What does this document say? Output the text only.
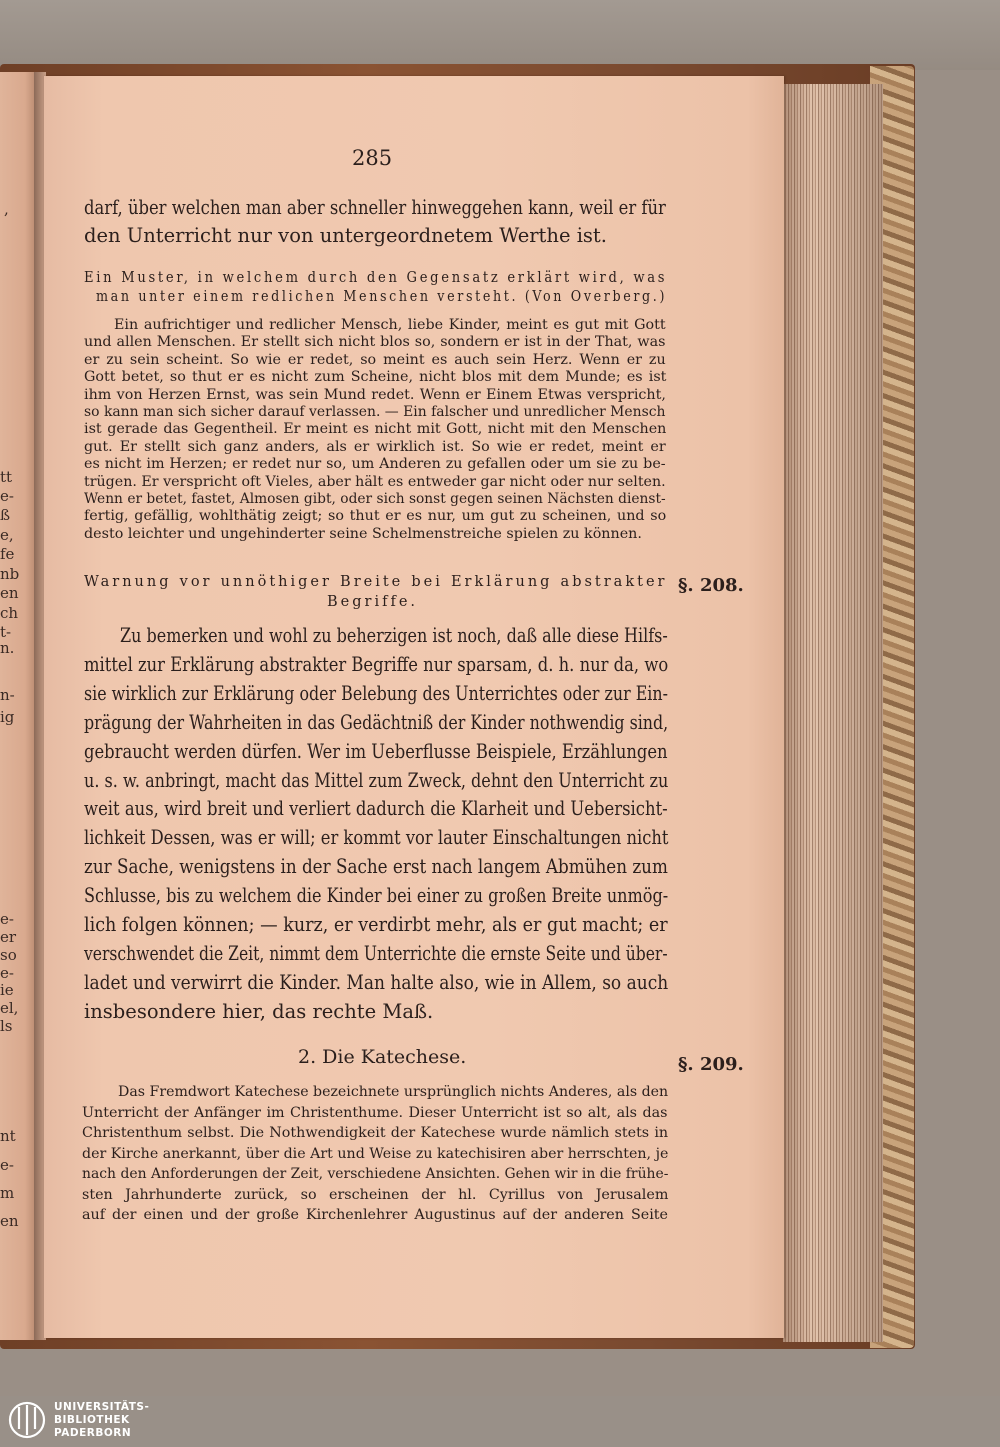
,
tt
e-
ß
e,
fe
nb
en
ch
t-
n.
n-
ig
e-
er
so
e-
ie
el,
ls
nt
e-
m
en
285
darf, über welchen man aber schneller hinweggehen kann, weil er für
den Unterricht nur von untergeordnetem Werthe ist.
Ein Muster, in welchem durch den Gegensatz erklärt wird, was
man unter einem redlichen Menschen versteht. (Von Overberg.)
Ein aufrichtiger und redlicher Mensch, liebe Kinder, meint es gut mit Gott
und allen Menschen. Er stellt sich nicht blos so, sondern er ist in der That, was
er zu sein scheint. So wie er redet, so meint es auch sein Herz. Wenn er zu
Gott betet, so thut er es nicht zum Scheine, nicht blos mit dem Munde; es ist
ihm von Herzen Ernst, was sein Mund redet. Wenn er Einem Etwas verspricht,
so kann man sich sicher darauf verlassen. — Ein falscher und unredlicher Mensch
ist gerade das Gegentheil. Er meint es nicht mit Gott, nicht mit den Menschen
gut. Er stellt sich ganz anders, als er wirklich ist. So wie er redet, meint er
es nicht im Herzen; er redet nur so, um Anderen zu gefallen oder um sie zu be-
trügen. Er verspricht oft Vieles, aber hält es entweder gar nicht oder nur selten.
Wenn er betet, fastet, Almosen gibt, oder sich sonst gegen seinen Nächsten dienst-
fertig, gefällig, wohlthätig zeigt; so thut er es nur, um gut zu scheinen, und so
desto leichter und ungehinderter seine Schelmenstreiche spielen zu können.
Warnung vor unnöthiger Breite bei Erklärung abstrakter
Begriffe.
§. 208.
Zu bemerken und wohl zu beherzigen ist noch, daß alle diese Hilfs-
mittel zur Erklärung abstrakter Begriffe nur sparsam, d. h. nur da, wo
sie wirklich zur Erklärung oder Belebung des Unterrichtes oder zur Ein-
prägung der Wahrheiten in das Gedächtniß der Kinder nothwendig sind,
gebraucht werden dürfen. Wer im Ueberflusse Beispiele, Erzählungen
u. s. w. anbringt, macht das Mittel zum Zweck, dehnt den Unterricht zu
weit aus, wird breit und verliert dadurch die Klarheit und Uebersicht-
lichkeit Dessen, was er will; er kommt vor lauter Einschaltungen nicht
zur Sache, wenigstens in der Sache erst nach langem Abmühen zum
Schlusse, bis zu welchem die Kinder bei einer zu großen Breite unmög-
lich folgen können; — kurz, er verdirbt mehr, als er gut macht; er
verschwendet die Zeit, nimmt dem Unterrichte die ernste Seite und über-
ladet und verwirrt die Kinder. Man halte also, wie in Allem, so auch
insbesondere hier, das rechte Maß.
2. Die Katechese.	§. 209.
Das Fremdwort Katechese bezeichnete ursprünglich nichts Anderes, als den
Unterricht der Anfänger im Christenthume. Dieser Unterricht ist so alt, als das
Christenthum selbst. Die Nothwendigkeit der Katechese wurde nämlich stets in
der Kirche anerkannt, über die Art und Weise zu katechisiren aber herrschten, je
nach den Anforderungen der Zeit, verschiedene Ansichten. Gehen wir in die frühe-
sten Jahrhunderte zurück, so erscheinen der hl. Cyrillus von Jerusalem
auf der einen und der große Kirchenlehrer Augustinus auf der anderen Seite
UNIVERSITÄTS-
BIBLIOTHEK
PADERBORN
